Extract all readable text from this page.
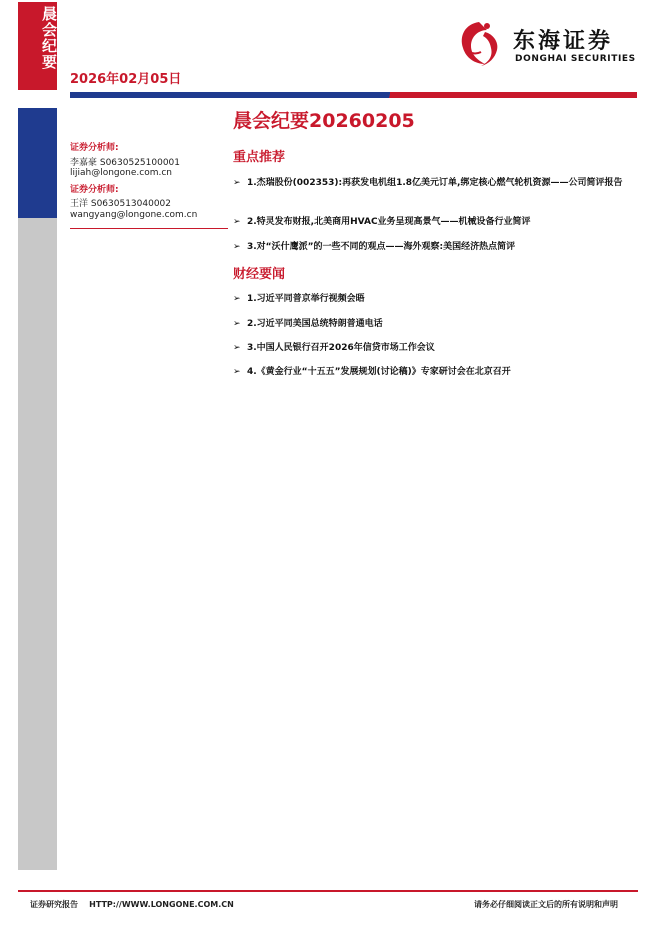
晨会纪要
2026年02月05日
东海证券
DONGHAI SECURITIES
证券分析师:
李嘉豪 S0630525100001
lijiah@longone.com.cn
证券分析师:
王洋 S0630513040002
wangyang@longone.com.cn
晨会纪要20260205
重点推荐
➢ 1.杰瑞股份(002353):再获发电机组1.8亿美元订单,绑定核心燃气轮机资源——公司简评报告
➢ 2.特灵发布财报,北美商用HVAC业务呈现高景气——机械设备行业简评
➢ 3.对“沃什鹰派”的一些不同的观点——海外观察:美国经济热点简评
财经要闻
➢ 1.习近平同普京举行视频会晤
➢ 2.习近平同美国总统特朗普通电话
➢ 3.中国人民银行召开2026年信贷市场工作会议
➢ 4.《黄金行业“十五五”发展规划(讨论稿)》专家研讨会在北京召开
证券研究报告    HTTP://WWW.LONGONE.COM.CN	请务必仔细阅读正文后的所有说明和声明
